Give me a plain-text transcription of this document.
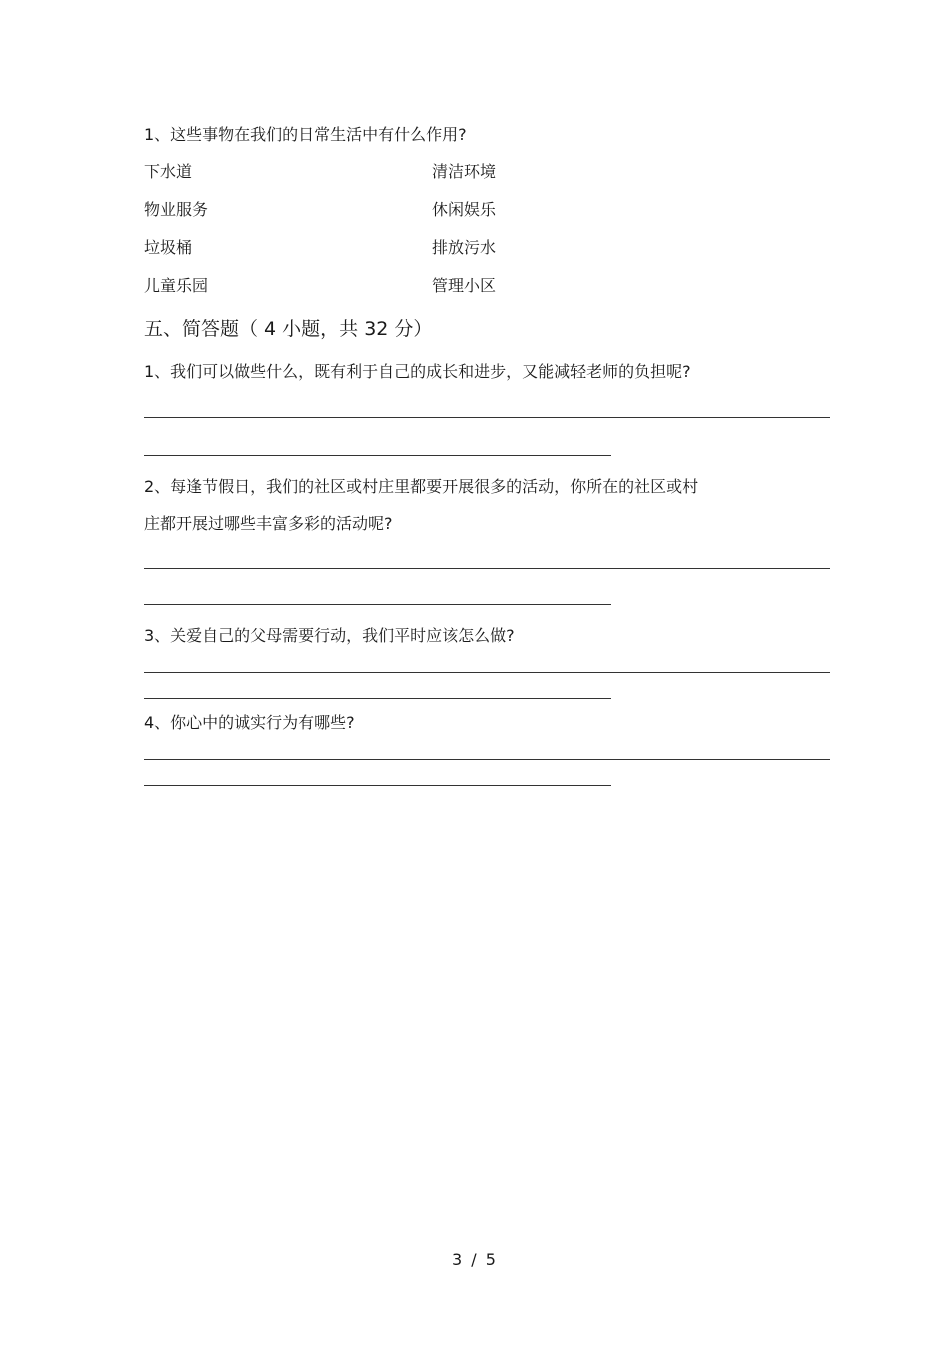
1、这些事物在我们的日常生活中有什么作用?
下水道	清洁环境
物业服务	休闲娱乐
垃圾桶	排放污水
儿童乐园	管理小区
五、简答题（ 4 小题，共 32 分）
1、我们可以做些什么，既有利于自己的成长和进步，又能减轻老师的负担呢?
2、每逢节假日，我们的社区或村庄里都要开展很多的活动，你所在的社区或村
庄都开展过哪些丰富多彩的活动呢?
3、关爱自己的父母需要行动，我们平时应该怎么做?
4、你心中的诚实行为有哪些?
3 / 5
